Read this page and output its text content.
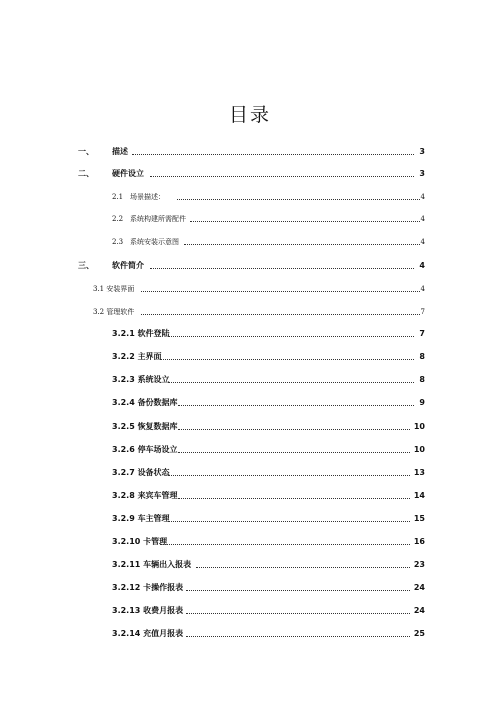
目录
一、 描述	3
二、 硬件设立	3
2.1 场景描述：	4
2.2 系统构建所需配件	4
2.3 系统安装示意图	4
三、 软件简介	4
3.1 安装界面	4
3.2 管理软件	7
3.2.1 软件登陆	7
3.2.2 主界面	8
3.2.3 系统设立	8
3.2.4 备份数据库	9
3.2.5 恢复数据库	10
3.2.6 停车场设立	10
3.2.7 设备状态	13
3.2.8 来宾车管理	14
3.2.9 车主管理	15
3.2.10 卡管理	16
3.2.11 车辆出入报表	23
3.2.12 卡操作报表	24
3.2.13 收费月报表	24
3.2.14 充值月报表	25
